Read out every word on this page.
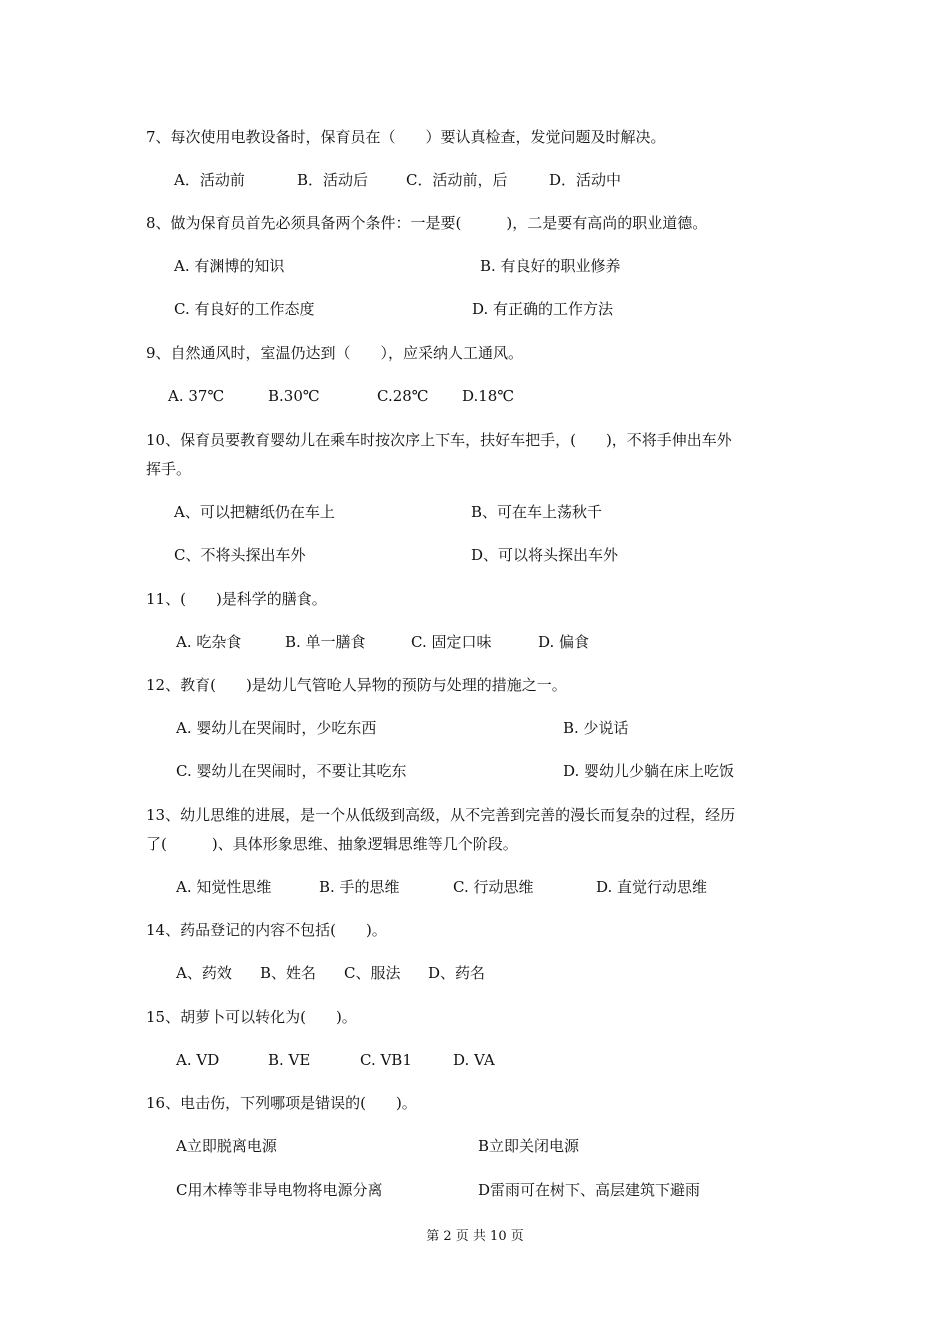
7、每次使用电教设备时，保育员在（　　）要认真检查，发觉问题及时解决。
A．活动前	B．活动后	C．活动前，后	D．活动中
8、做为保育员首先必须具备两个条件：一是要(　　　)，二是要有高尚的职业道德。
A. 有渊博的知识	B. 有良好的职业修养
C. 有良好的工作态度	D. 有正确的工作方法
9、自然通风时，室温仍达到（　　），应采纳人工通风。
A. 37℃	B.30℃	C.28℃ D.18℃
10、保育员要教育婴幼儿在乘车时按次序上下车，扶好车把手，(　　)，不将手伸出车外
挥手。
A、可以把糖纸仍在车上	B、可在车上荡秋千
C、不将头探出车外	D、可以将头探出车外
11、(　　)是科学的膳食。
A. 吃杂食	B. 单一膳食	C. 固定口味	D. 偏食
12、教育(　　)是幼儿气管呛人异物的预防与处理的措施之一。
A. 婴幼儿在哭闹时，少吃东西	B. 少说话
C. 婴幼儿在哭闹时，不要让其吃东	D. 婴幼儿少躺在床上吃饭
13、幼儿思维的进展，是一个从低级到高级，从不完善到完善的漫长而复杂的过程，经历
了(　　　)、具体形象思维、抽象逻辑思维等几个阶段。
A. 知觉性思维	B. 手的思维	C. 行动思维	D. 直觉行动思维
14、药品登记的内容不包括(　　)。
A、药效 B、姓名 C、服法 D、药名
15、胡萝卜可以转化为(　　)。
A. VD	B. VE	C. VB1	D. VA
16、电击伤，下列哪项是错误的(　　)。
A立即脱离电源	B立即关闭电源
C用木棒等非导电物将电源分离	D雷雨可在树下、高层建筑下避雨
第 2 页 共 10 页
